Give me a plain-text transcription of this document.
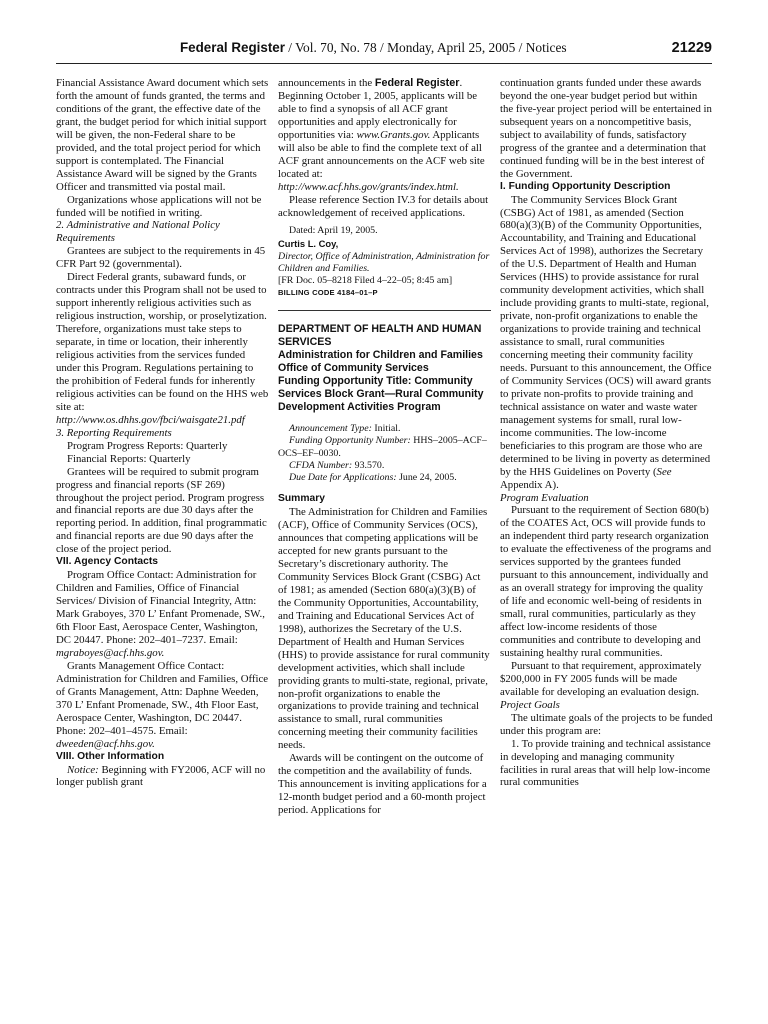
Federal Register / Vol. 70, No. 78 / Monday, April 25, 2005 / Notices	21229

Financial Assistance Award document which sets forth the amount of funds granted, the terms and conditions of the grant, the effective date of the grant, the budget period for which initial support will be given, the non-Federal share to be provided, and the total project period for which support is contemplated. The Financial Assistance Award will be signed by the Grants Officer and transmitted via postal mail.

Organizations whose applications will not be funded will be notified in writing.

2. Administrative and National Policy Requirements

Grantees are subject to the requirements in 45 CFR Part 92 (governmental).

Direct Federal grants, subaward funds, or contracts under this Program shall not be used to support inherently religious activities such as religious instruction, worship, or proselytization. Therefore, organizations must take steps to separate, in time or location, their inherently religious activities from the services funded under this Program. Regulations pertaining to the prohibition of Federal funds for inherently religious activities can be found on the HHS web site at: http://www.os.dhhs.gov/fbci/waisgate21.pdf

3. Reporting Requirements

Program Progress Reports: Quarterly

Financial Reports: Quarterly

Grantees will be required to submit program progress and financial reports (SF 269) throughout the project period. Program progress and financial reports are due 30 days after the reporting period. In addition, final programmatic and financial reports are due 90 days after the close of the project period.

VII. Agency Contacts

Program Office Contact: Administration for Children and Families, Office of Financial Services/ Division of Financial Integrity, Attn: Mark Graboyes, 370 L’ Enfant Promenade, SW., 6th Floor East, Aerospace Center, Washington, DC 20447. Phone: 202–401–7237. Email: mgraboyes@acf.hhs.gov.

Grants Management Office Contact: Administration for Children and Families, Office of Grants Management, Attn: Daphne Weeden, 370 L’ Enfant Promenade, SW., 4th Floor East, Aerospace Center, Washington, DC 20447. Phone: 202–401–4575. Email: dweeden@acf.hhs.gov.

VIII. Other Information

Notice: Beginning with FY2006, ACF will no longer publish grant

announcements in the Federal Register. Beginning October 1, 2005, applicants will be able to find a synopsis of all ACF grant opportunities and apply electronically for opportunities via: www.Grants.gov. Applicants will also be able to find the complete text of all ACF grant announcements on the ACF web site located at: http://www.acf.hhs.gov/grants/index.html.

Please reference Section IV.3 for details about acknowledgement of received applications.

Dated: April 19, 2005.

Curtis L. Coy,

Director, Office of Administration, Administration for Children and Families.

[FR Doc. 05–8218 Filed 4–22–05; 8:45 am]

BILLING CODE 4184–01–P

DEPARTMENT OF HEALTH AND HUMAN SERVICES

Administration for Children and Families

Office of Community Services

Funding Opportunity Title: Community Services Block Grant—Rural Community Development Activities Program

Announcement Type: Initial.

Funding Opportunity Number: HHS–2005–ACF–OCS–EF–0030.

CFDA Number: 93.570.

Due Date for Applications: June 24, 2005.

Summary

The Administration for Children and Families (ACF), Office of Community Services (OCS), announces that competing applications will be accepted for new grants pursuant to the Secretary’s discretionary authority. The Community Services Block Grant (CSBG) Act of 1981; as amended (Section 680(a)(3)(B) of the Community Opportunities, Accountability, and Training and Educational Services Act of 1998), authorizes the Secretary of the U.S. Department of Health and Human Services (HHS) to provide assistance for rural community development activities, which shall include providing grants to multi-state, regional, private, non-profit organizations to enable the organizations to provide training and technical assistance to small, rural communities concerning meeting their community facilities needs.

Awards will be contingent on the outcome of the competition and the availability of funds. This announcement is inviting applications for a 12-month budget period and a 60-month project period. Applications for

continuation grants funded under these awards beyond the one-year budget period but within the five-year project period will be entertained in subsequent years on a noncompetitive basis, subject to availability of funds, satisfactory progress of the grantee and a determination that continued funding will be in the best interest of the Government.

I. Funding Opportunity Description

The Community Services Block Grant (CSBG) Act of 1981, as amended (Section 680(a)(3)(B) of the Community Opportunities, Accountability, and Training and Educational Services Act of 1998), authorizes the Secretary of the U.S. Department of Health and Human Services (HHS) to provide assistance for rural community development activities, which shall include providing grants to multi-state, regional, private, non-profit organizations to enable the organizations to provide training and technical assistance to small, rural communities concerning meeting their community facility needs. Pursuant to this announcement, the Office of Community Services (OCS) will award grants to private non-profits to provide training and technical assistance on water and waste water management systems for small, rural low-income communities. The low-income beneficiaries to this program are those who are determined to be living in poverty as determined by the HHS Guidelines on Poverty (See Appendix A).

Program Evaluation

Pursuant to the requirement of Section 680(b) of the COATES Act, OCS will provide funds to an independent third party research organization to evaluate the effectiveness of the programs and services supported by the grantees funded pursuant to this announcement, individually and as an overall strategy for improving the quality of life and economic well-being of residents in small, rural communities, particularly as they affect low-income residents of those communities and contribute to developing and sustaining healthy rural communities.

Pursuant to that requirement, approximately $200,000 in FY 2005 funds will be made available for developing an evaluation design.

Project Goals

The ultimate goals of the projects to be funded under this program are:

1. To provide training and technical assistance in developing and managing community facilities in rural areas that will help low-income rural communities
